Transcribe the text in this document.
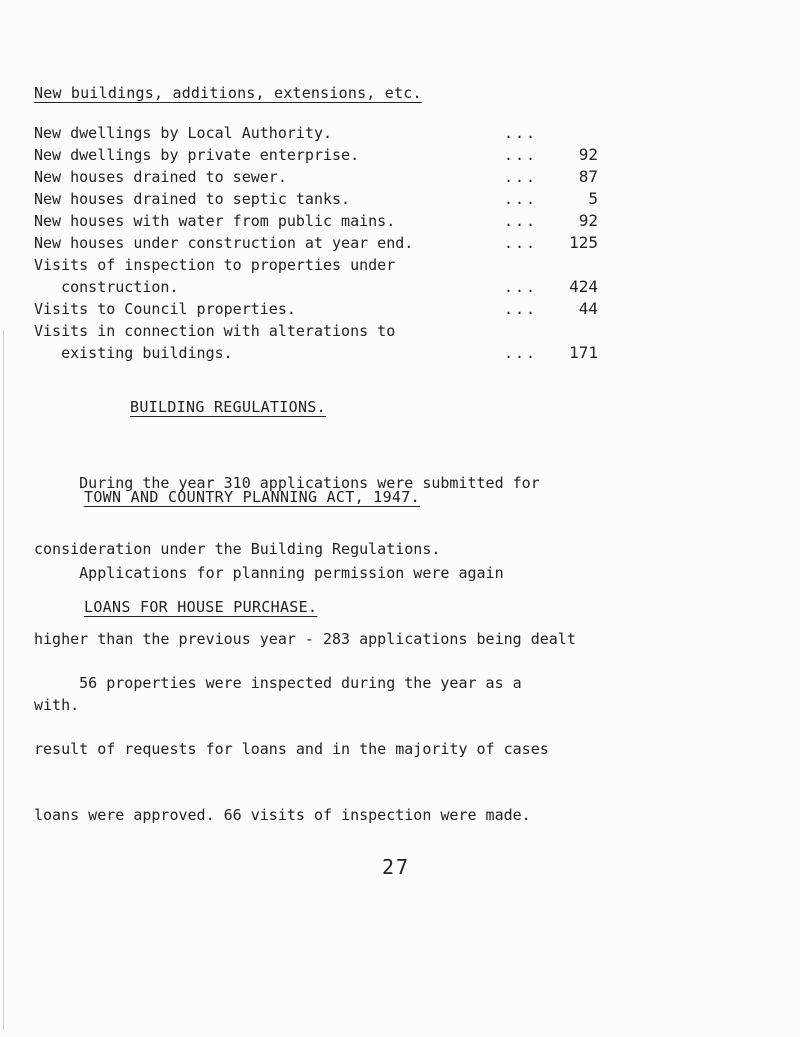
New buildings, additions, extensions, etc.
New dwellings by Local Authority.	...
New dwellings by private enterprise.	...	92
New houses drained to sewer.	...	87
New houses drained to septic tanks.	...	5
New houses with water from public mains.	...	92
New houses under construction at year end.	...	125
Visits of inspection to properties under
construction.	...	424
Visits to Council properties.	...	44
Visits in connection with alterations to
existing buildings.	...	171
BUILDING REGULATIONS.

During the year 310 applications were submitted for

consideration under the Building Regulations.

TOWN AND COUNTRY PLANNING ACT, 1947.

Applications for planning permission were again

higher than the previous year - 283 applications being dealt

with.

LOANS FOR HOUSE PURCHASE.

56 properties were inspected during the year as a

result of requests for loans and in the majority of cases

loans were approved. 66 visits of inspection were made.

27
